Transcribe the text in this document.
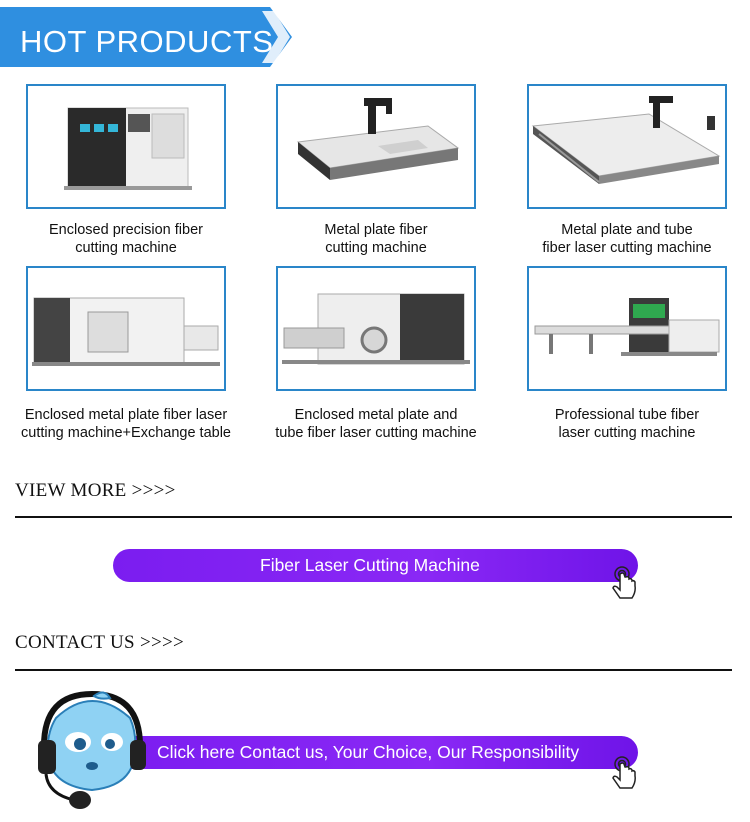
HOT PRODUCTS
Enclosed precision fiber
cutting machine
Metal plate fiber
cutting machine
Metal plate and tube
fiber laser cutting machine
Enclosed metal plate fiber laser
cutting machine+Exchange table
Enclosed metal plate and
tube fiber laser cutting machine
Professional tube fiber
laser cutting machine
VIEW MORE >>>>
Fiber Laser Cutting Machine
CONTACT US >>>>
Click here Contact us, Your Choice, Our Responsibility
